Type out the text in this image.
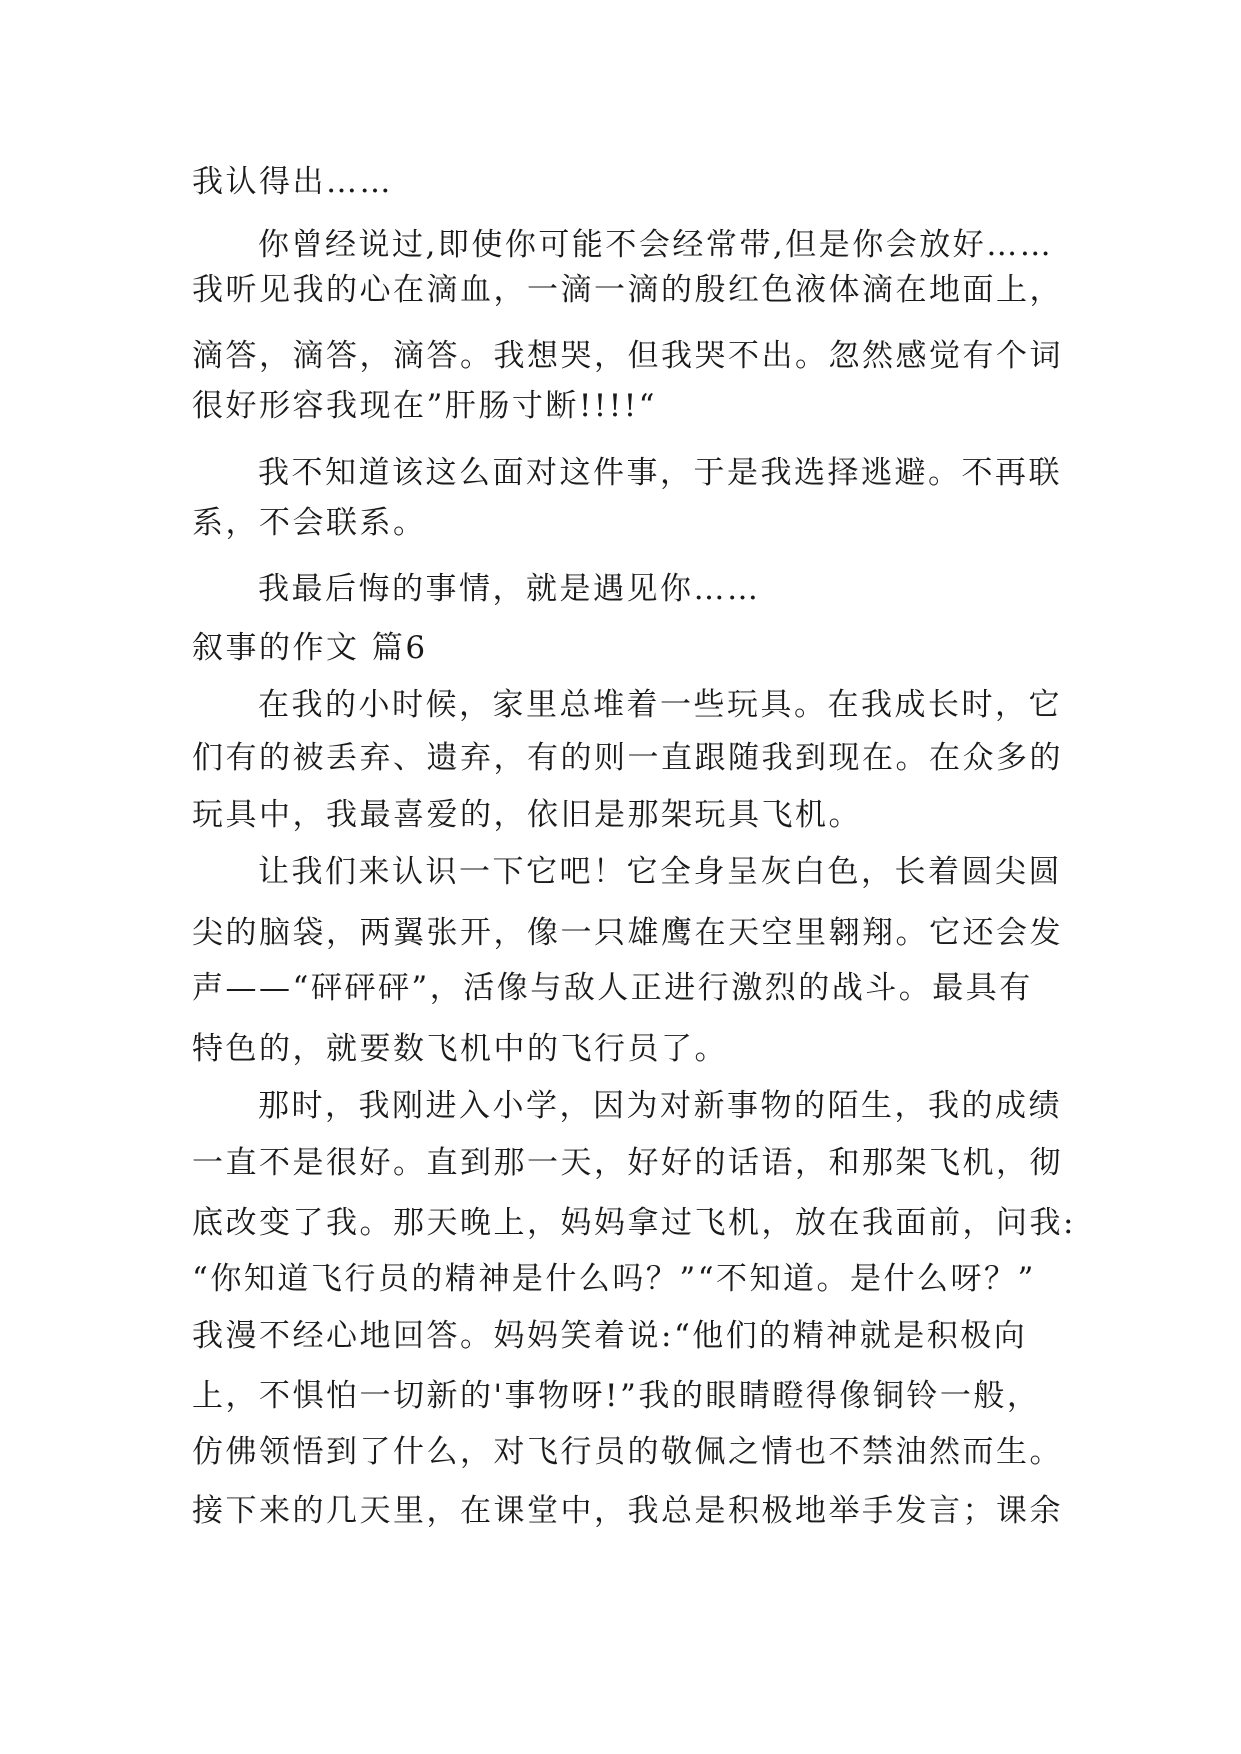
我认得出……
你曾经说过,即使你可能不会经常带,但是你会放好……
我听见我的心在滴血，一滴一滴的殷红色液体滴在地面上，
滴答，滴答，滴答。我想哭，但我哭不出。忽然感觉有个词
很好形容我现在”肝肠寸断!!!!“
我不知道该这么面对这件事，于是我选择逃避。不再联
系，不会联系。
我最后悔的事情，就是遇见你……
叙事的作文 篇6
在我的小时候，家里总堆着一些玩具。在我成长时，它
们有的被丢弃、遗弃，有的则一直跟随我到现在。在众多的
玩具中，我最喜爱的，依旧是那架玩具飞机。
让我们来认识一下它吧！它全身呈灰白色，长着圆尖圆
尖的脑袋，两翼张开，像一只雄鹰在天空里翱翔。它还会发
声——“砰砰砰”，活像与敌人正进行激烈的战斗。最具有
特色的，就要数飞机中的飞行员了。
那时，我刚进入小学，因为对新事物的陌生，我的成绩
一直不是很好。直到那一天，好好的话语，和那架飞机，彻
底改变了我。那天晚上，妈妈拿过飞机，放在我面前，问我:
“你知道飞行员的精神是什么吗？”“不知道。是什么呀？”
我漫不经心地回答。妈妈笑着说:“他们的精神就是积极向
上，不惧怕一切新的'事物呀!”我的眼睛瞪得像铜铃一般，
仿佛领悟到了什么，对飞行员的敬佩之情也不禁油然而生。
接下来的几天里，在课堂中，我总是积极地举手发言；课余
